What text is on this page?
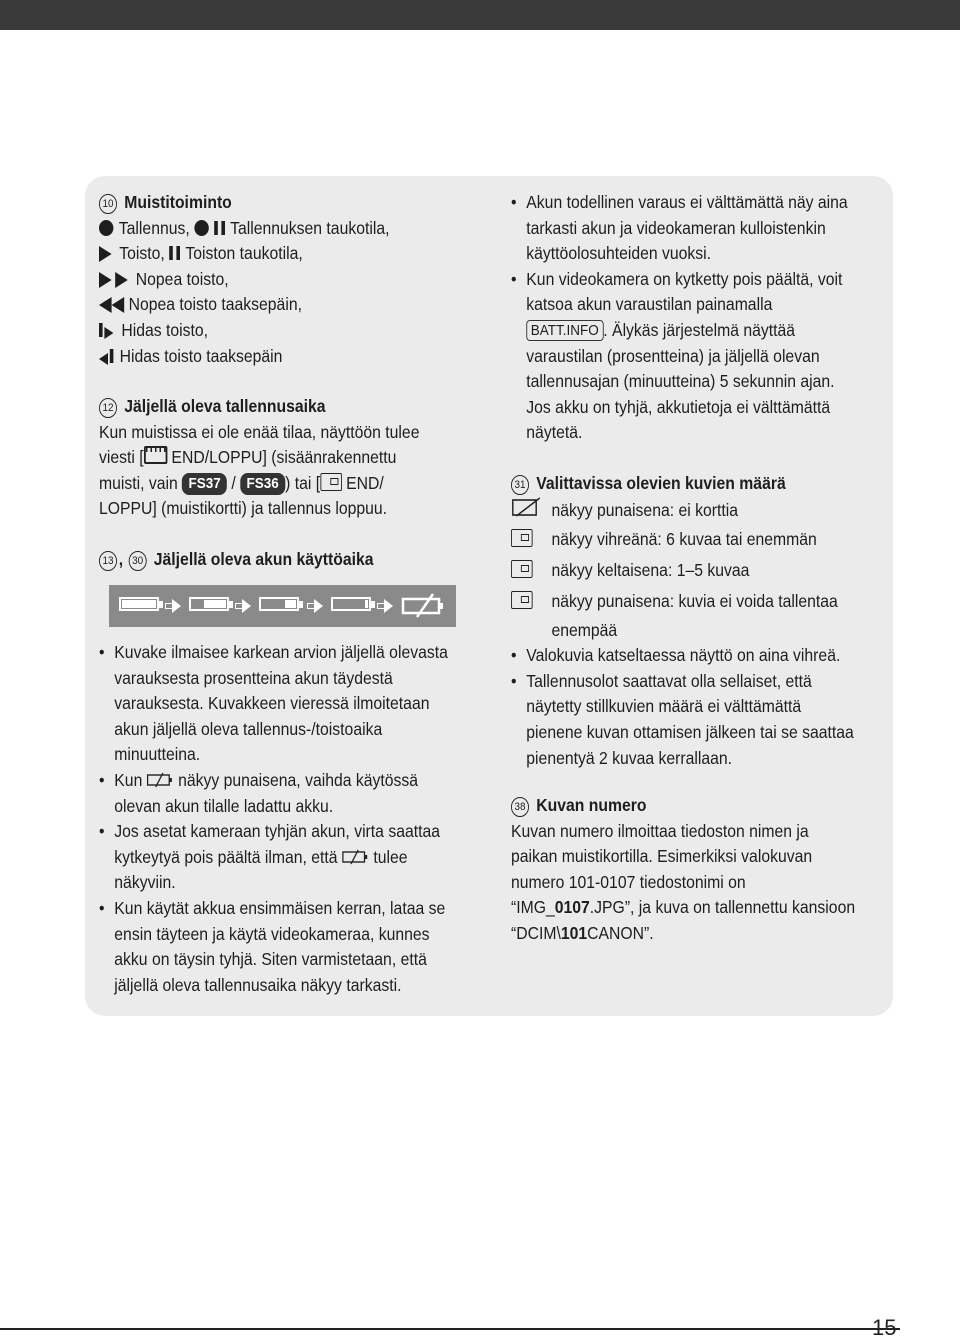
10 Muistitoiminto
Tallennus, Tallennuksen taukotila,
Toisto, Toiston taukotila,
Nopea toisto,
Nopea toisto taaksepäin,
Hidas toisto,
Hidas toisto taaksepäin
12 Jäljellä oleva tallennusaika
Kun muistissa ei ole enää tilaa, näyttöön tulee
viesti [ END/LOPPU] (sisäänrakennettu
muisti, vain FS37 / FS36 ) tai [ END/
LOPPU] (muistikortti) ja tallennus loppuu.
13 , 30 Jäljellä oleva akun käyttöaika
•Kuvake ilmaisee karkean arvion jäljellä olevasta
varauksesta prosentteina akun täydestä
varauksesta. Kuvakkeen vieressä ilmoitetaan
akun jäljellä oleva tallennus-/toistoaika
minuutteina.
•Kun näkyy punaisena, vaihda käytössä
olevan akun tilalle ladattu akku.
•Jos asetat kameraan tyhjän akun, virta saattaa
kytkeytyä pois päältä ilman, että tulee
näkyviin.
•Kun käytät akkua ensimmäisen kerran, lataa se
ensin täyteen ja käytä videokameraa, kunnes
akku on täysin tyhjä. Siten varmistetaan, että
jäljellä oleva tallennusaika näkyy tarkasti.
•Akun todellinen varaus ei välttämättä näy aina
tarkasti akun ja videokameran kulloistenkin
käyttöolosuhteiden vuoksi.
•Kun videokamera on kytketty pois päältä, voit
katsoa akun varaustilan painamalla
BATT.INFO . Älykäs järjestelmä näyttää
varaustilan (prosentteina) ja jäljellä olevan
tallennusajan (minuutteina) 5 sekunnin ajan.
Jos akku on tyhjä, akkutietoja ei välttämättä
näytetä.
31 Valittavissa olevien kuvien määrä
näkyy punaisena: ei korttia
näkyy vihreänä: 6 kuvaa tai enemmän
näkyy keltaisena: 1–5 kuvaa
näkyy punaisena: kuvia ei voida tallentaa
enempää
•Valokuvia katseltaessa näyttö on aina vihreä.
•Tallennusolot saattavat olla sellaiset, että
näytetty stillkuvien määrä ei välttämättä
pienene kuvan ottamisen jälkeen tai se saattaa
pienentyä 2 kuvaa kerrallaan.
38 Kuvan numero
Kuvan numero ilmoittaa tiedoston nimen ja
paikan muistikortilla. Esimerkiksi valokuvan
numero 101-0107 tiedostonimi on
“IMG_0107.JPG”, ja kuva on tallennettu kansioon
“DCIM\101CANON”.
15
